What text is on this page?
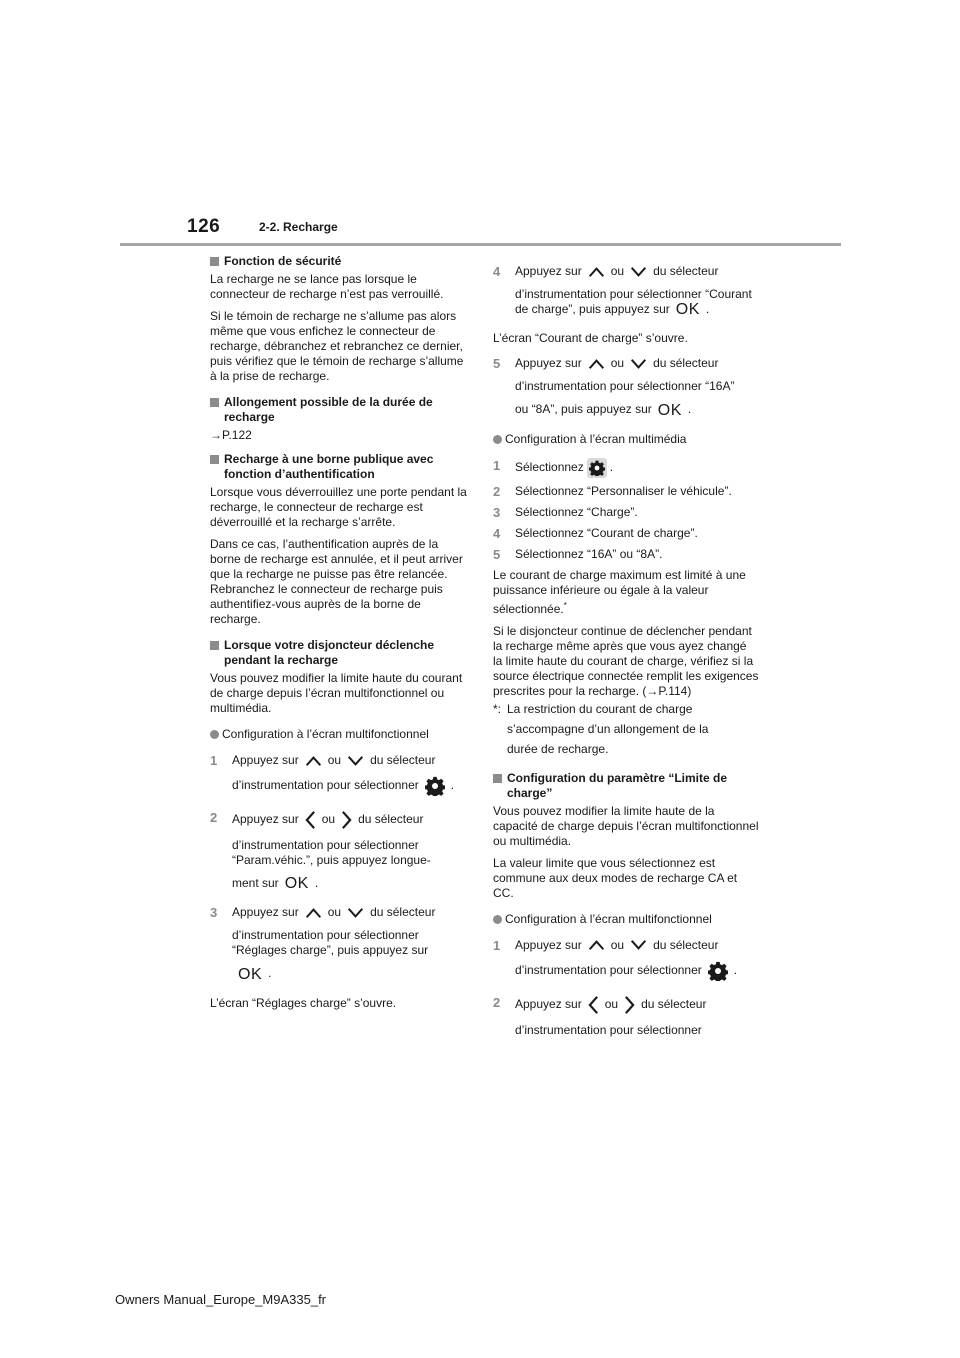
126	2-2. Recharge

Fonction de sécurité

La recharge ne se lance pas lorsque le connecteur de recharge n’est pas verrouillé.

Si le témoin de recharge ne s’allume pas alors même que vous enfichez le connecteur de recharge, débranchez et rebranchez ce dernier, puis vérifiez que le témoin de recharge s’allume à la prise de recharge.

Allongement possible de la durée de recharge

→P.122

Recharge à une borne publique avec fonction d’authentification

Lorsque vous déverrouillez une porte pendant la recharge, le connecteur de recharge est déverrouillé et la recharge s’arrête.

Dans ce cas, l’authentification auprès de la borne de recharge est annulée, et il peut arriver que la recharge ne puisse pas être relancée. Rebranchez le connecteur de recharge puis authentifiez-vous auprès de la borne de recharge.

Lorsque votre disjoncteur déclenche pendant la recharge

Vous pouvez modifier la limite haute du courant de charge depuis l’écran multifonctionnel ou multimédia.

Configuration à l’écran multifonctionnel

1	Appuyez sur ou du sélecteur

d’instrumentation pour sélectionner	.

2	Appuyez sur ou du sélecteur

d’instrumentation pour sélectionner “Param.véhic.”, puis appuyez longue-

ment sur OK .

3	Appuyez sur ou du sélecteur

d’instrumentation pour sélectionner “Réglages charge”, puis appuyez sur

OK .

L’écran “Réglages charge” s’ouvre.

4	Appuyez sur ou du sélecteur

d’instrumentation pour sélectionner “Courant de charge”, puis appuyez sur OK .

L’écran “Courant de charge” s’ouvre.

5	Appuyez sur ou du sélecteur

d’instrumentation pour sélectionner “16A”

ou “8A”, puis appuyez sur OK .

Configuration à l’écran multimédia

1	Sélectionnez .
2	Sélectionnez “Personnaliser le véhicule”.
3	Sélectionnez “Charge”.
4	Sélectionnez “Courant de charge”.
5	Sélectionnez “16A” ou “8A”.

Le courant de charge maximum est limité à une puissance inférieure ou égale à la valeur sélectionnée.*

Si le disjoncteur continue de déclencher pendant la recharge même après que vous ayez changé la limite haute du courant de charge, vérifiez si la source électrique connectée remplit les exigences prescrites pour la recharge. (→P.114)

*: La restriction du courant de charge

s’accompagne d’un allongement de la

durée de recharge.

Configuration du paramètre “Limite de charge”

Vous pouvez modifier la limite haute de la capacité de charge depuis l’écran multifonctionnel ou multimédia.

La valeur limite que vous sélectionnez est commune aux deux modes de recharge CA et CC.

Configuration à l’écran multifonctionnel

1	Appuyez sur ou du sélecteur

d’instrumentation pour sélectionner	.

2	Appuyez sur ou du sélecteur

d’instrumentation pour sélectionner

Owners Manual_Europe_M9A335_fr
